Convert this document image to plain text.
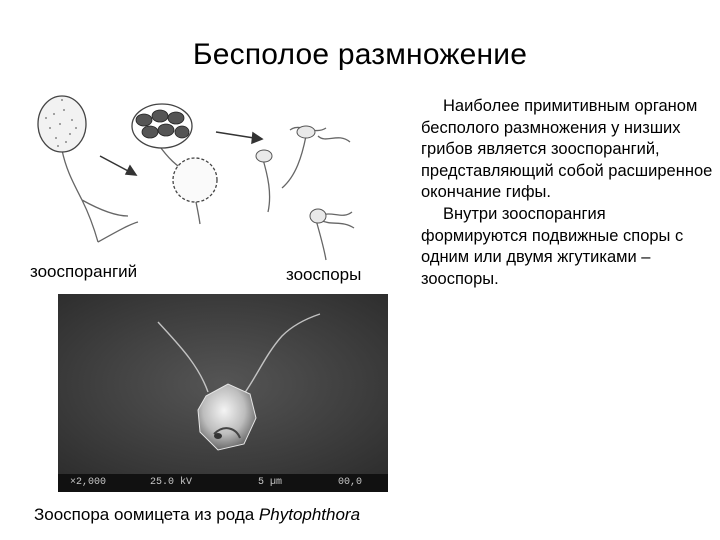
Бесполое размножение
зооспорангий	зооспоры

Наиболее примитивным органом бесполого размножения у низших грибов является зооспорангий, представляющий собой расширенное окончание гифы.

Внутри зооспорангия формируются подвижные споры с одним или двумя жгутиками – зооспоры.

×2,000	25.0 kV	5 µm	00,0
Зооспора оомицета из рода Phytophthora
